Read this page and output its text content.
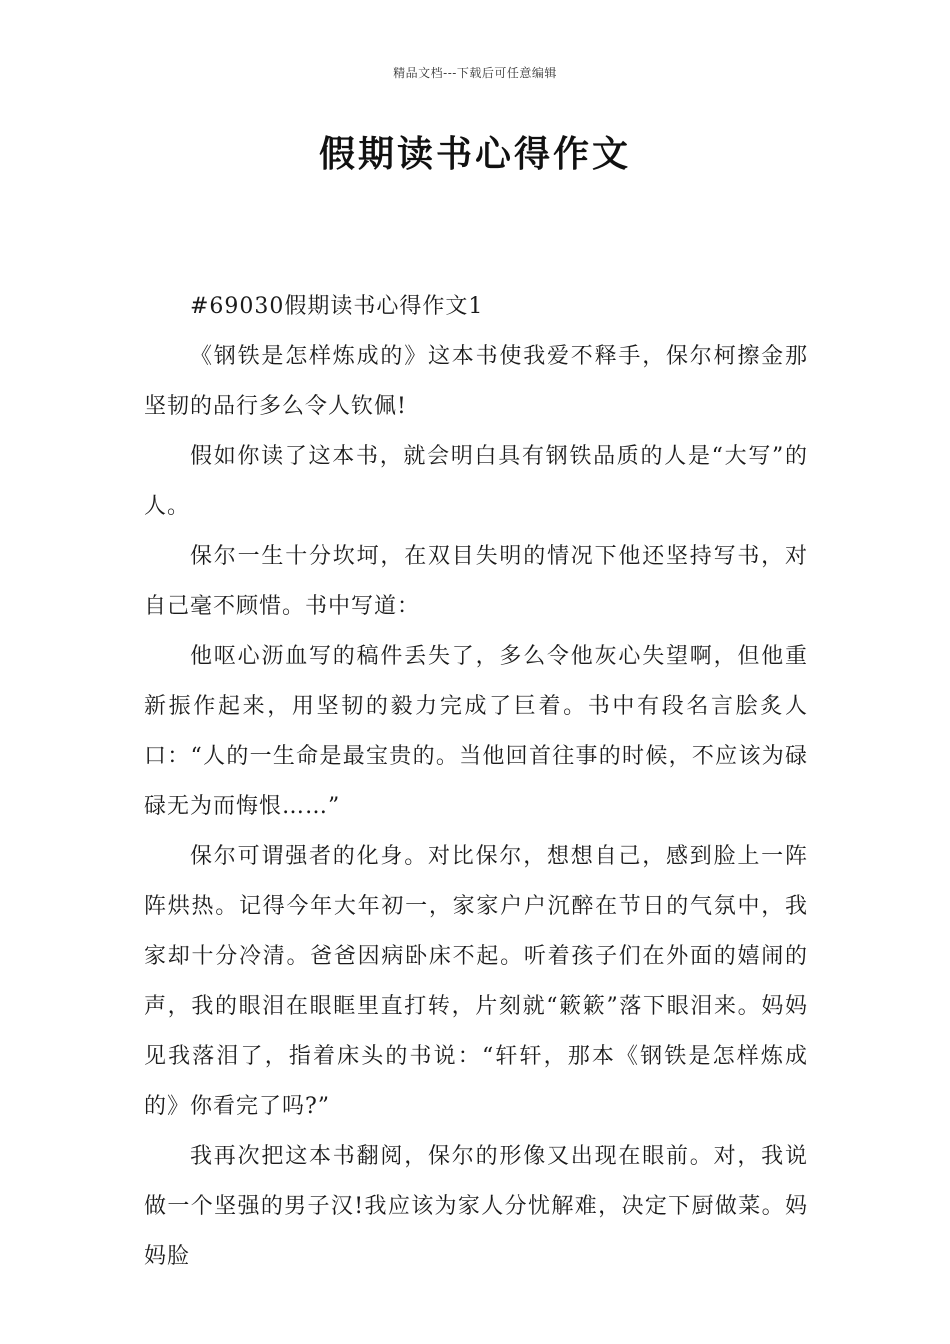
精品文档---下载后可任意编辑
假期读书心得作文

#69030假期读书心得作文1

《钢铁是怎样炼成的》这本书使我爱不释手，保尔柯擦金那坚韧的品行多么令人钦佩!

假如你读了这本书，就会明白具有钢铁品质的人是“大写”的人。

保尔一生十分坎坷，在双目失明的情况下他还坚持写书，对自己毫不顾惜。书中写道：

他呕心沥血写的稿件丢失了，多么令他灰心失望啊，但他重新振作起来，用坚韧的毅力完成了巨着。书中有段名言脍炙人口：“人的一生命是最宝贵的。当他回首往事的时候，不应该为碌碌无为而悔恨……”

保尔可谓强者的化身。对比保尔，想想自己，感到脸上一阵阵烘热。记得今年大年初一，家家户户沉醉在节日的气氛中，我家却十分冷清。爸爸因病卧床不起。听着孩子们在外面的嬉闹的声，我的眼泪在眼眶里直打转，片刻就“簌簌”落下眼泪来。妈妈见我落泪了，指着床头的书说：“轩轩，那本《钢铁是怎样炼成的》你看完了吗?”

我再次把这本书翻阅，保尔的形像又出现在眼前。对，我说做一个坚强的男子汉!我应该为家人分忧解难，决定下厨做菜。妈妈脸
